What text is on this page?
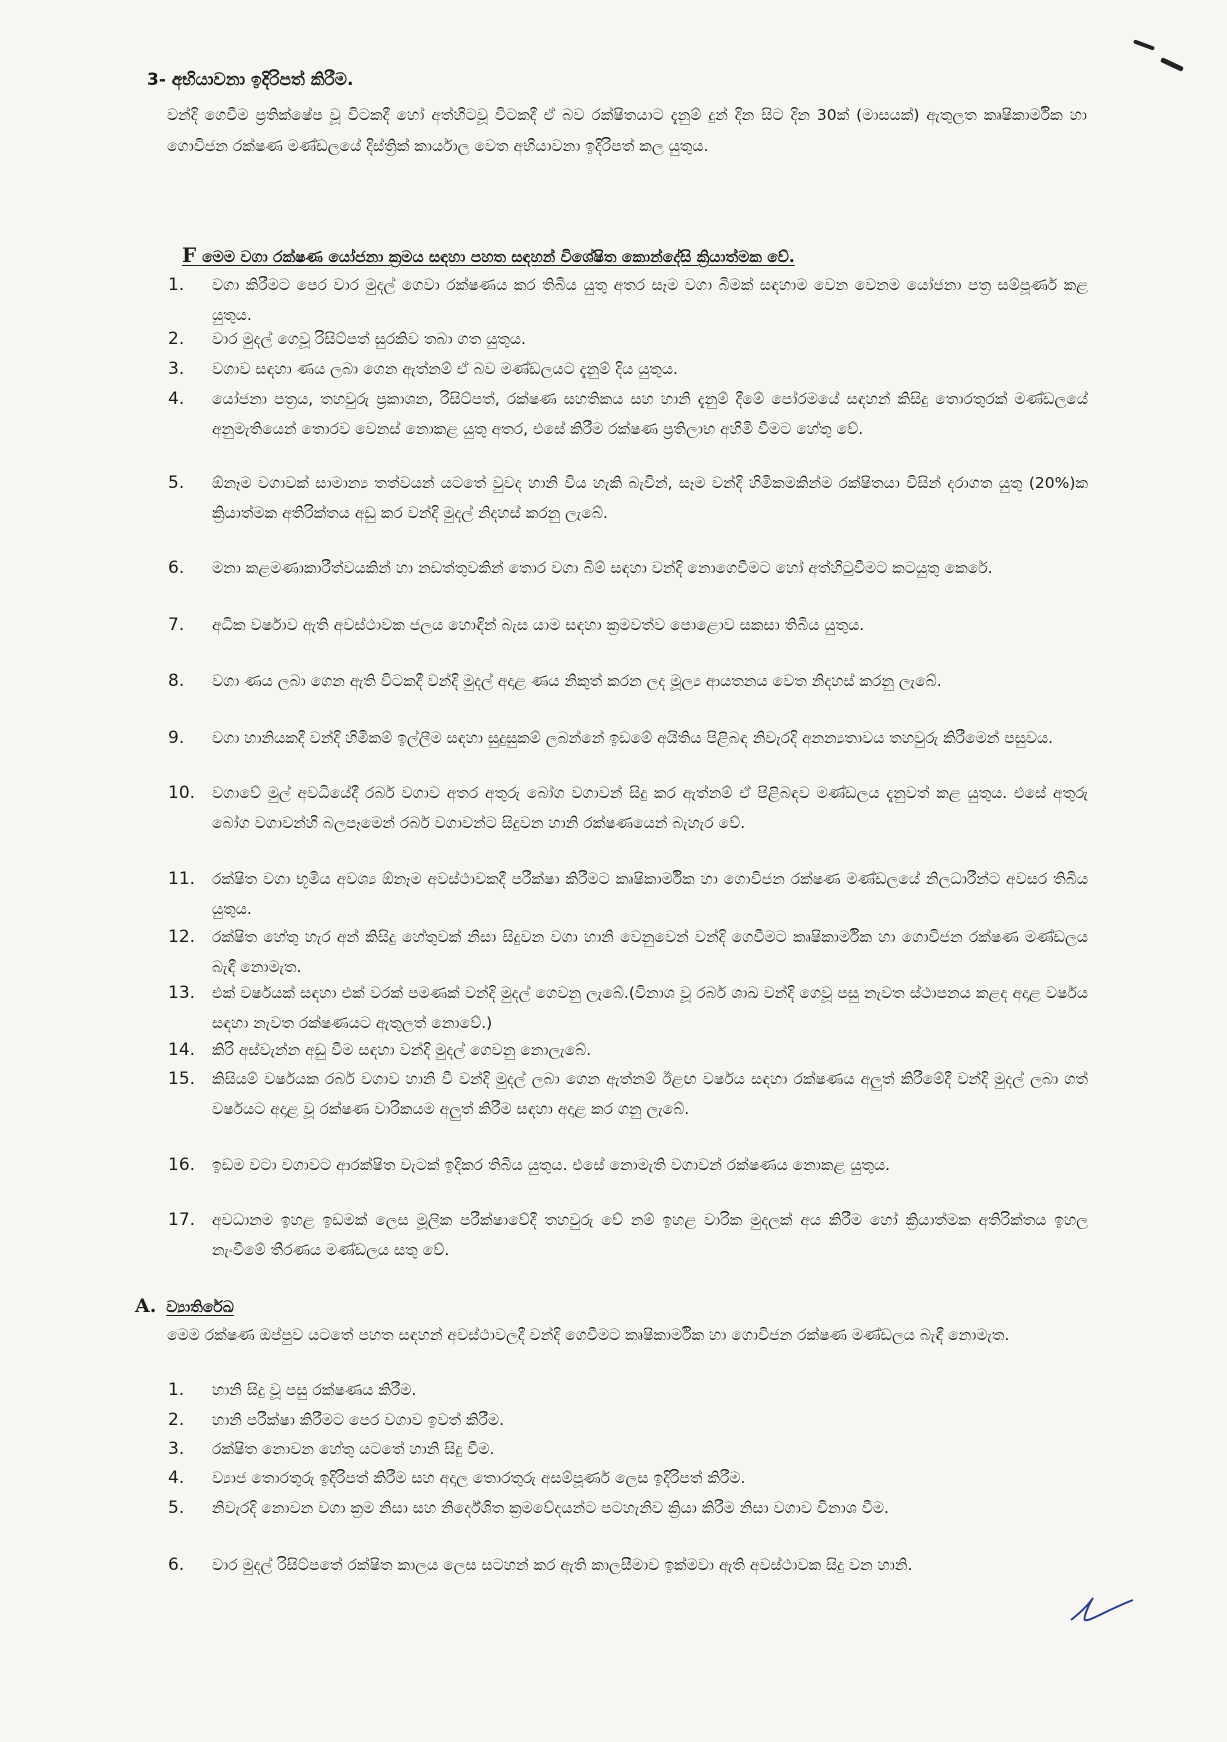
3- අභියාවනා ඉදිරිපත් කිරීම.
වන්දි ගෙවීම ප්‍රතික්ෂේප වූ විටකදී හෝ අත්හිටවූ විටකදී ඒ බව රක්ෂිතයාට දැනුම් දුන් දින සිට දින 30ක් (මාසයක්) ඇතුලත කෘෂිකාර්මික හා ගොවිජන රක්ෂණ මණ්ඩලයේ දිස්ත්‍රික් කාර්යාල වෙත අභියාවනා ඉදිරිපත් කල යුතුය.
F මෙම වගා රක්ෂණ යෝජනා ක්‍රමය සඳහා පහත සඳහන් විශේෂිත කොන්දේසි ක්‍රියාත්මක වේ.
1.	වගා කිරීමට පෙර වාර මුදල් ගෙවා රක්ෂණය කර තිබිය යුතු අතර සෑම වගා බිමක් සඳහාම වෙන වෙනම යෝජනා පත්‍ර සම්පූර්ණ කළ යුතුය.
2.	වාර මුදල් ගෙවූ රිසිට්පත් සුරකිව තබා ගත යුතුය.
3.	වගාව සඳහා ණය ලබා ගෙන ඇත්නම් ඒ බව මණ්ඩලයට දැනුම් දිය යුතුය.
4.	යෝජනා පත්‍රය, තහවුරු ප්‍රකාශන, රිසිට්පත්, රක්ෂණ සහතිකය සහ හානි දැනුම් දීමේ පෝරමයේ සඳහන් කිසිදු තොරතුරක් මණ්ඩලයේ අනුමැතියෙන් තොරව වෙනස් නොකළ යුතු අතර, එසේ කිරීම රක්ෂණ ප්‍රතිලාභ අහිමි වීමට හේතු වේ.
5.	ඕනෑම වගාවක් සාමාන්‍ය තත්වයන් යටතේ වුවද හානි විය හැකි බැවින්, සෑම වන්දි හිමිකමකින්ම රක්ෂිතයා විසින් දරාගත යුතු (20%)ක ක්‍රියාත්මක අතිරික්තය අඩු කර වන්දි මුදල් නිදහස් කරනු ලැබේ.
6.	මනා කළමණාකාරීත්වයකින් හා නඩත්තුවකින් තොර වගා බිම් සඳහා වන්දි නොගෙවීමට හෝ අත්හිටුවීමට කටයුතු කෙරේ.
7.	අධික වර්ෂාව ඇති අවස්ථාවක ජලය හොඳින් බැස යාම සඳහා ක්‍රමවත්ව පොළොව සකසා තිබිය යුතුය.
8.	වගා ණය ලබා ගෙන ඇති විටකදී වන්දි මුදල් අදාළ ණය නිකුත් කරන ලද මූල්‍ය ආයතනය වෙත නිදහස් කරනු ලැබේ.
9.	වගා හානියකදී වන්දි හිමිකම් ඉල්ලීම සඳහා සුදුසුකම් ලබන්නේ ඉඩමේ අයිතිය පිළිබඳ නිවැරදි අනන්‍යතාවය තහවුරු කිරීමෙන් පසුවය.
10.	වගාවේ මුල් අවධියේදී රබර් වගාව අතර අතුරු බෝග වගාවන් සිදු කර ඇත්නම් ඒ පිළිබඳව මණ්ඩලය දැනුවත් කළ යුතුය. එසේ අතුරු බෝග වගාවන්හි බලපෑමෙන් රබර් වගාවන්ට සිදුවන හානි රක්ෂණයෙන් බැහැර වේ.
11.	රක්ෂිත වගා භූමිය අවශ්‍ය ඕනෑම අවස්ථාවකදී පරීක්ෂා කිරීමට කෘෂිකාර්මික හා ගොවිජන රක්ෂණ මණ්ඩලයේ නිලධාරීන්ට අවසර තිබිය යුතුය.
12.	රක්ෂිත හේතු හැර අන් කිසිදු හේතුවක් නිසා සිදුවන වගා හානි වෙනුවෙන් වන්දි ගෙවීමට කෘෂිකාර්මික හා ගොවිජන රක්ෂණ මණ්ඩලය බැඳී නොමැත.
13.	එක් වර්ෂයක් සඳහා එක් වරක් පමණක් වන්දි මුදල් ගෙවනු ලැබේ.(විනාශ වූ රබර් ශාඛ වන්දි ගෙවූ පසු නැවත ස්ථාපනය කළද අදාළ වර්ෂය සඳහා නැවත රක්ෂණයට ඇතුලත් නොවේ.)
14.	කිරි අස්වැන්න අඩු වීම සඳහා වන්දි මුදල් ගෙවනු නොලැබේ.
15.	කිසියම් වර්ෂයක රබර් වගාව හානි වී වන්දි මුදල් ලබා ගෙන ඇත්නම් ඊළඟ වර්ෂය සඳහා රක්ෂණය අලුත් කිරීමේදී වන්දි මුදල් ලබා ගත් වර්ෂයට අදාළ වූ රක්ෂණ වාරිකයම අලුත් කිරීම සඳහා අදාළ කර ගනු ලැබේ.
16.	ඉඩම වටා වගාවට ආරක්ෂිත වැටක් ඉදිකර තිබිය යුතුය. එසේ නොමැති වගාවන් රක්ෂණය නොකළ යුතුය.
17.	අවධානම ඉහළ ඉඩමක් ලෙස මූලික පරීක්ෂාවේදී තහවුරු වේ නම් ඉහළ වාරික මුදලක් අය කිරීම හෝ ක්‍රියාත්මක අතිරික්තය ඉහල නැංවීමේ තීරණය මණ්ඩලය සතු වේ.
A. ව්‍යාතිරේඛ
මෙම රක්ෂණ ඔප්පුව යටතේ පහත සඳහන් අවස්ථාවලදී වන්දි ගෙවීමට කෘෂිකාර්මික හා ගොවිජන රක්ෂණ මණ්ඩලය බැඳී නොමැත.
1.	හානි සිදු වූ පසු රක්ෂණය කිරීම.
2.	හානි පරීක්ෂා කිරීමට පෙර වගාව ඉවත් කිරීම.
3.	රක්ෂිත නොවන හේතු යටතේ හානි සිදු වීම.
4.	ව්‍යාජ තොරතුරු ඉදිරිපත් කිරීම සහ අදාල තොරතුරු අසම්පූර්ණ ලෙස ඉදිරිපත් කිරීම.
5.	නිවැරදි නොවන වගා ක්‍රම නිසා සහ නිර්දේශිත ක්‍රමවේදයන්ට පටහැනිව ක්‍රියා කිරීම නිසා වගාව විනාශ වීම.
6.	වාර මුදල් රිසිට්පතේ රක්ෂිත කාලය ලෙස සටහන් කර ඇති කාලසීමාව ඉක්මවා ඇති අවස්ථාවක සිදු වන හානි.
